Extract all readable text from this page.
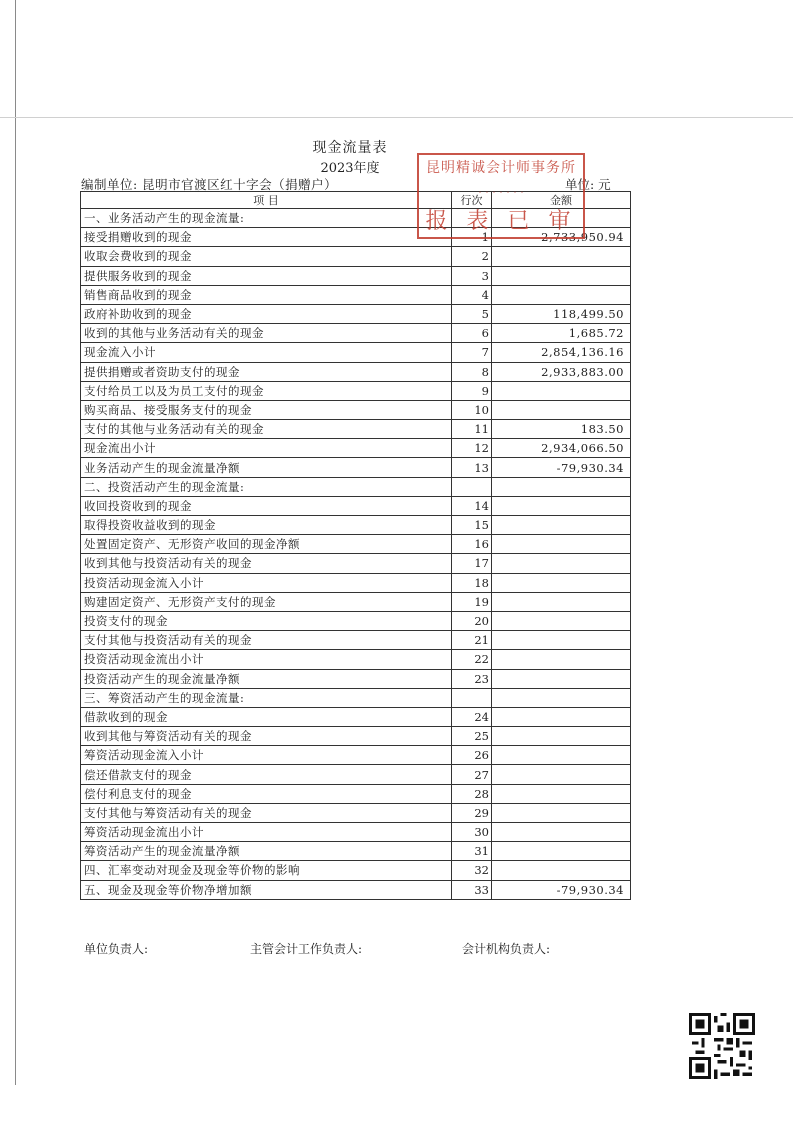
现金流量表
2023年度
编制单位: 昆明市官渡区红十字会（捐赠户）	单位: 元
项 目	行次	金额
一、业务活动产生的现金流量:		
接受捐赠收到的现金	1	2,733,950.94
收取会费收到的现金	2	
提供服务收到的现金	3	
销售商品收到的现金	4	
政府补助收到的现金	5	118,499.50
收到的其他与业务活动有关的现金	6	1,685.72
现金流入小计	7	2,854,136.16
提供捐赠或者资助支付的现金	8	2,933,883.00
支付给员工以及为员工支付的现金	9	
购买商品、接受服务支付的现金	10	
支付的其他与业务活动有关的现金	11	183.50
现金流出小计	12	2,934,066.50
业务活动产生的现金流量净额	13	-79,930.34
二、投资活动产生的现金流量:		
收回投资收到的现金	14	
取得投资收益收到的现金	15	
处置固定资产、无形资产收回的现金净额	16	
收到其他与投资活动有关的现金	17	
投资活动现金流入小计	18	
购建固定资产、无形资产支付的现金	19	
投资支付的现金	20	
支付其他与投资活动有关的现金	21	
投资活动现金流出小计	22	
投资活动产生的现金流量净额	23	
三、筹资活动产生的现金流量:		
借款收到的现金	24	
收到其他与筹资活动有关的现金	25	
筹资活动现金流入小计	26	
偿还借款支付的现金	27	
偿付利息支付的现金	28	
支付其他与筹资活动有关的现金	29	
筹资活动现金流出小计	30	
筹资活动产生的现金流量净额	31	
四、汇率变动对现金及现金等价物的影响	32	
五、现金及现金等价物净增加额	33	-79,930.34
单位负责人:	主管会计工作负责人:	会计机构负责人:
昆明精诚会计师事务所
· · · · · · ·
报 表 已 审
